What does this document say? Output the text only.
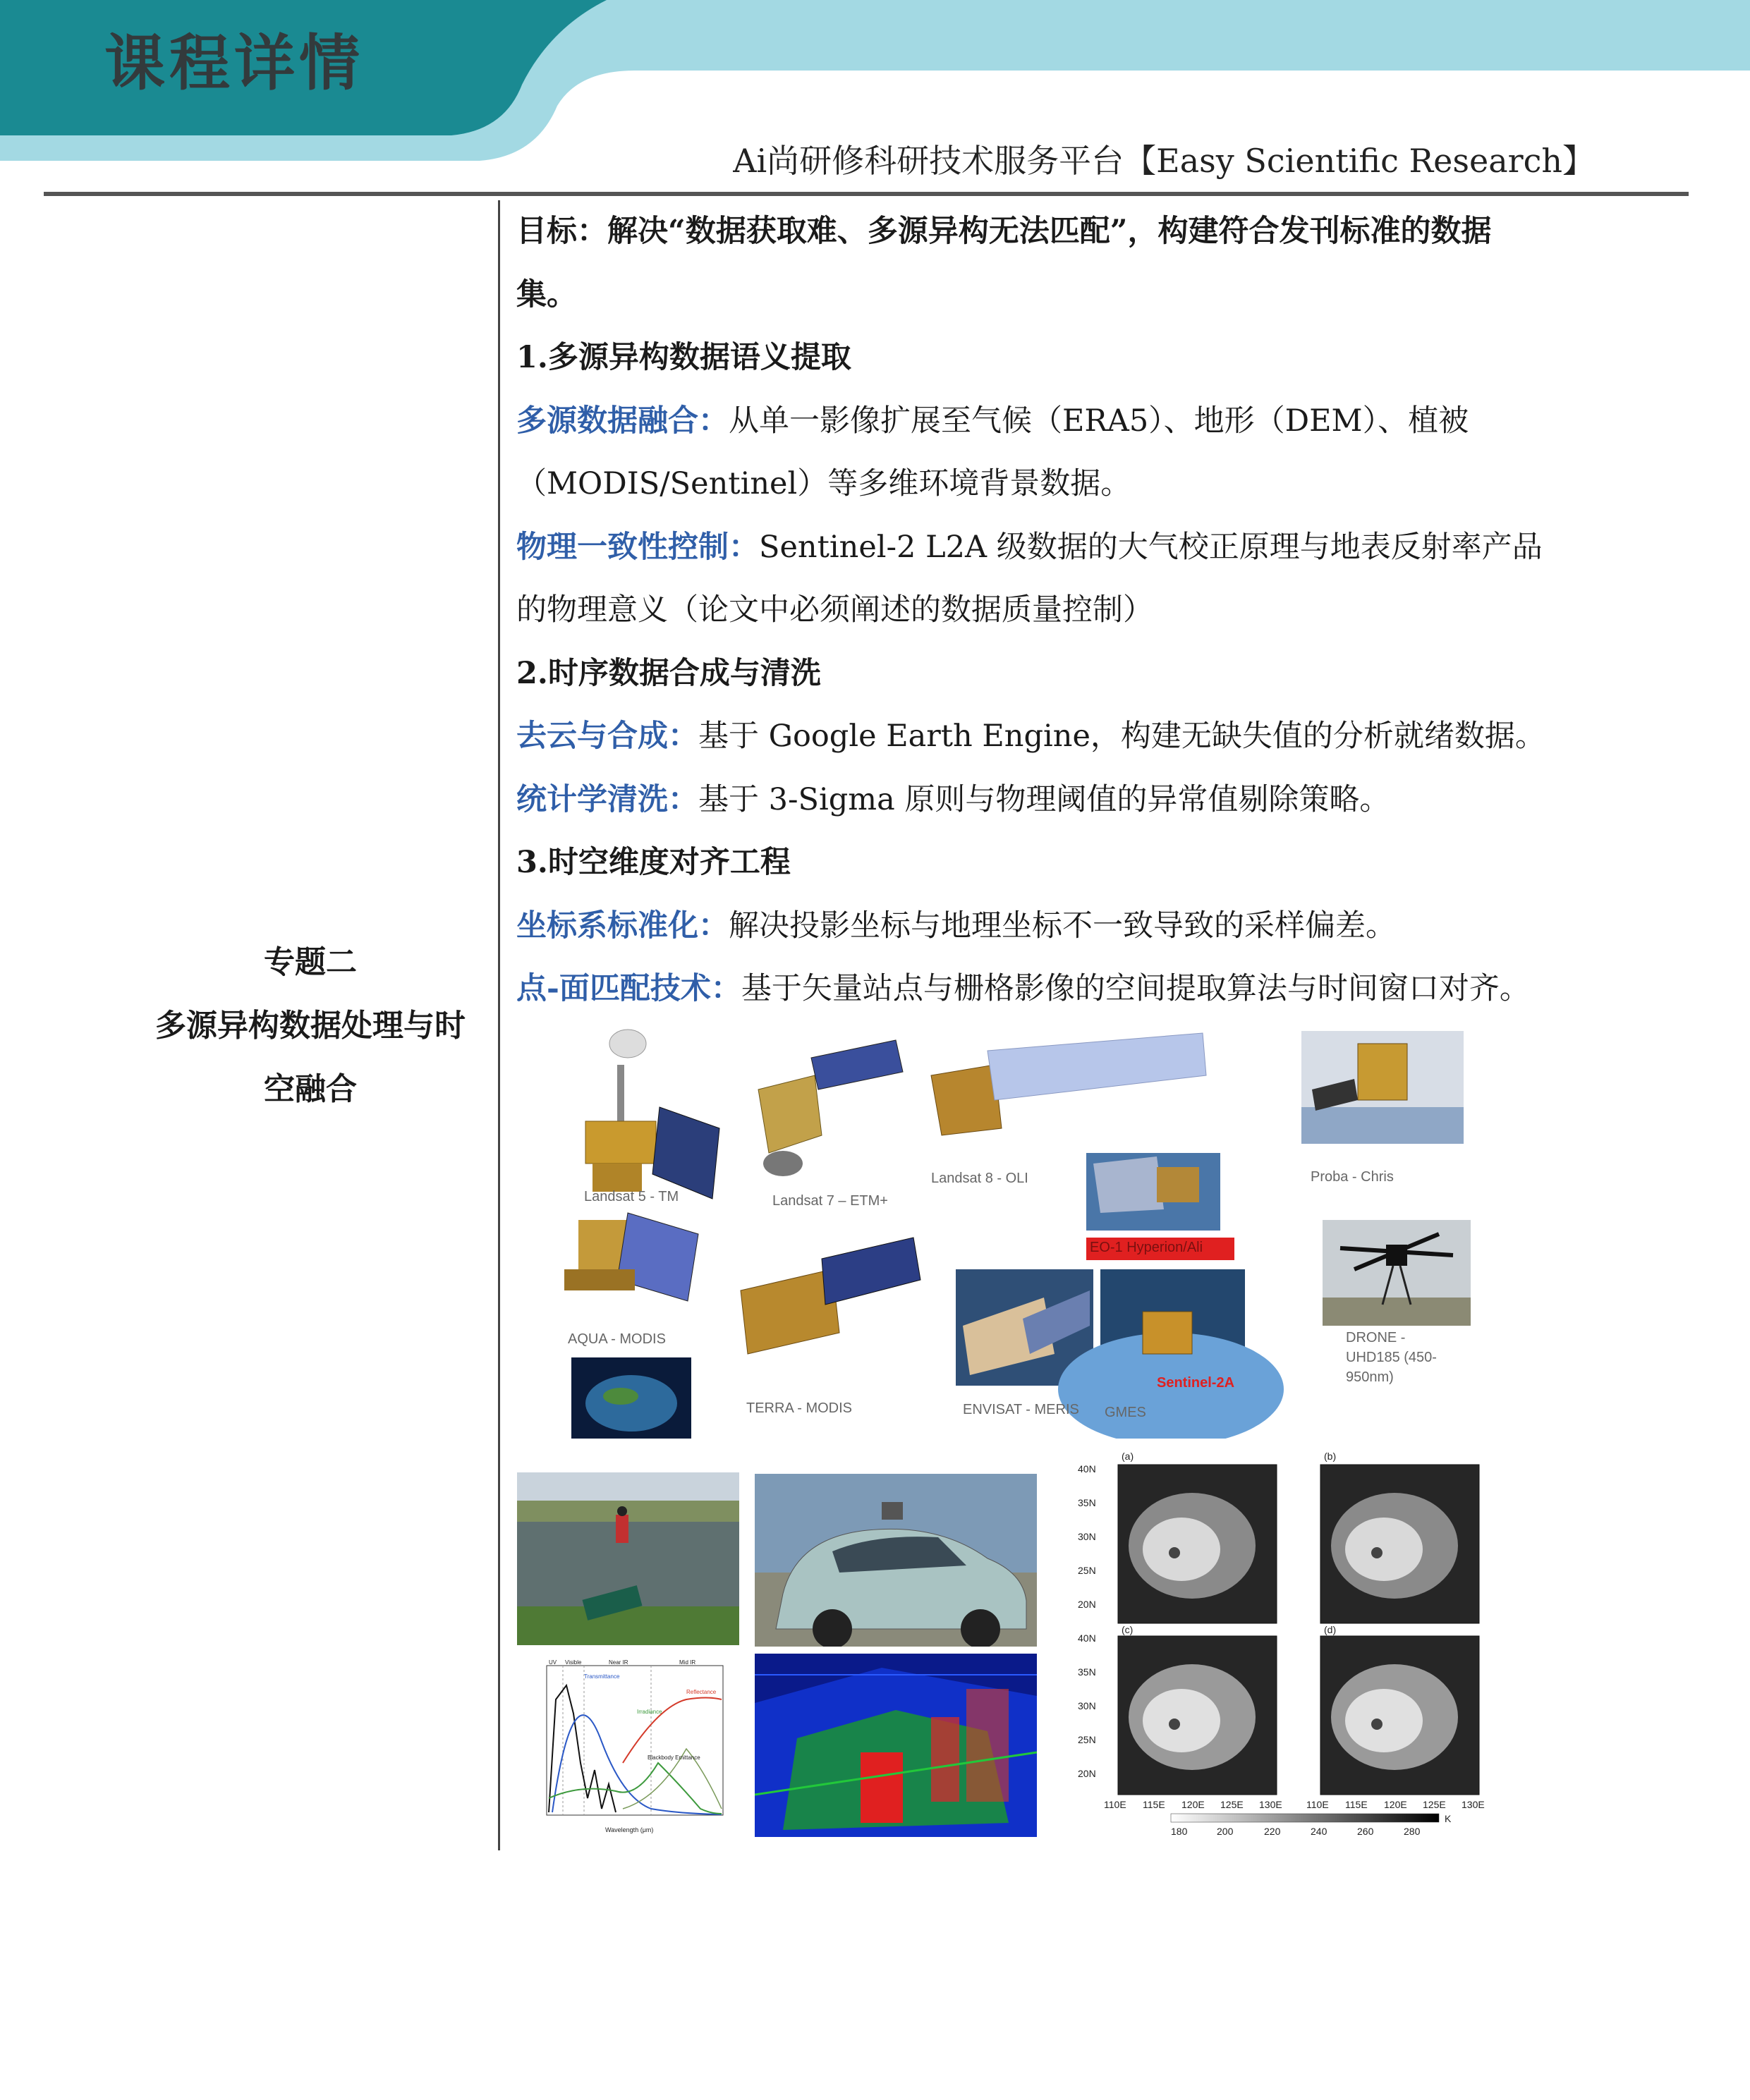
课程详情
Ai尚研修科研技术服务平台【Easy Scientific Research】
专题二
多源异构数据处理与时
空融合
目标：解决“数据获取难、多源异构无法匹配”，构建符合发刊标准的数据
集。
1.多源异构数据语义提取
多源数据融合：从单一影像扩展至气候（ERA5）、地形（DEM）、植被
（MODIS/Sentinel）等多维环境背景数据。
物理一致性控制：Sentinel-2 L2A 级数据的大气校正原理与地表反射率产品
的物理意义（论文中必须阐述的数据质量控制）
2.时序数据合成与清洗
去云与合成：基于 Google Earth Engine，构建无缺失值的分析就绪数据。
统计学清洗：基于 3-Sigma 原则与物理阈值的异常值剔除策略。
3.时空维度对齐工程
坐标系标准化：解决投影坐标与地理坐标不一致导致的采样偏差。
点-面匹配技术：基于矢量站点与栅格影像的空间提取算法与时间窗口对齐。
Landsat 5 - TM	Landsat 7 – ETM+
Landsat 8 - OLI
EO-1 Hyperion/Ali
Proba - Chris
AQUA - MODIS
TERRA - MODIS	ENVISAT - MERIS GMES
Sentinel-2A
DRONE -
UHD185 (450-
950nm)
UV Visible	Near IR	Mid IR
Transmittance
Irradiance
Reflectance
Blackbody Emittance
Wavelength (μm)
(a)	(b)
(c)	(d)
40N
35N
30N
25N
20N
40N
35N
30N
25N
20N
110E 115E 120E 125E 130E 110E 115E 120E 125E 130E
K
180	200	220	240	260	280
